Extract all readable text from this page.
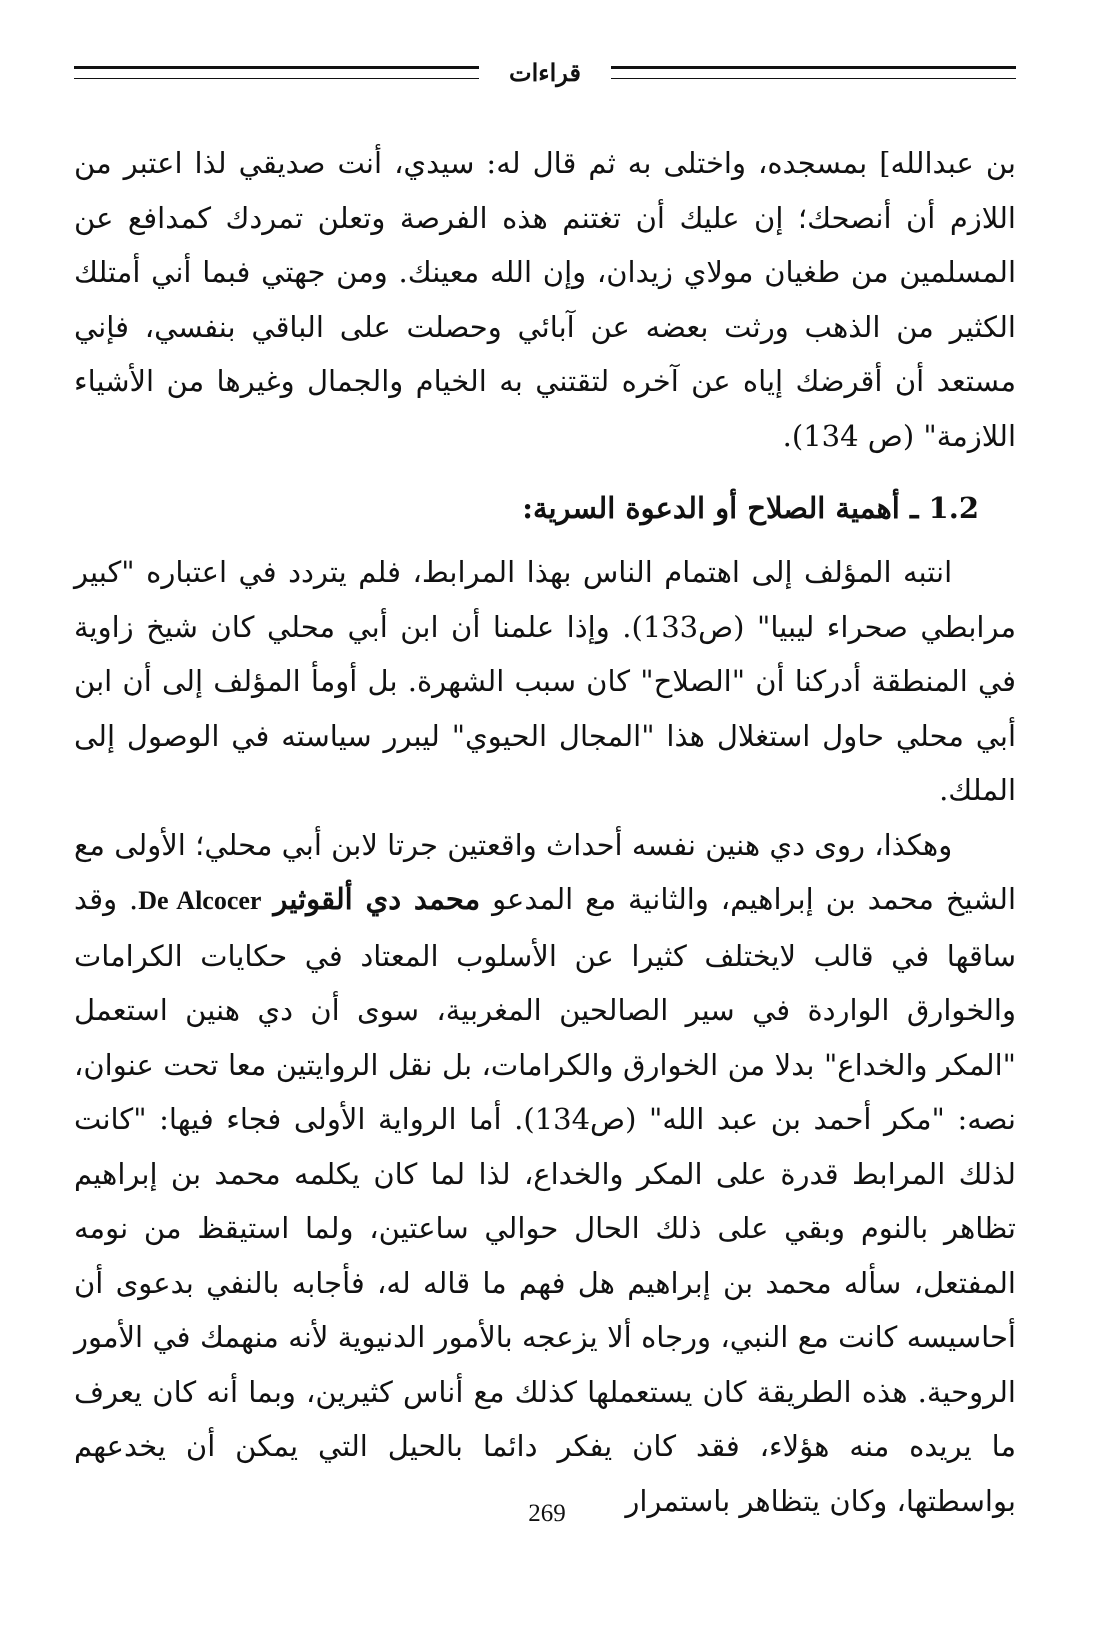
قراءات
بن عبدالله] بمسجده، واختلى به ثم قال له: سيدي، أنت صديقي لذا اعتبر من اللازم أن أنصحك؛ إن عليك أن تغتنم هذه الفرصة وتعلن تمردك كمدافع عن المسلمين من طغيان مولاي زيدان، وإن الله معينك. ومن جهتي فبما أني أمتلك الكثير من الذهب ورثت بعضه عن آبائي وحصلت على الباقي بنفسي، فإني مستعد أن أقرضك إياه عن آخره لتقتني به الخيام والجمال وغيرها من الأشياء اللازمة" (ص 134).
1.2 ـ أهمية الصلاح أو الدعوة السرية:

انتبه المؤلف إلى اهتمام الناس بهذا المرابط، فلم يتردد في اعتباره "كبير مرابطي صحراء ليبيا" (ص133). وإذا علمنا أن ابن أبي محلي كان شيخ زاوية في المنطقة أدركنا أن "الصلاح" كان سبب الشهرة. بل أومأ المؤلف إلى أن ابن أبي محلي حاول استغلال هذا "المجال الحيوي" ليبرر سياسته في الوصول إلى الملك.

وهكذا، روى دي هنين نفسه أحداث واقعتين جرتا لابن أبي محلي؛ الأولى مع الشيخ محمد بن إبراهيم، والثانية مع المدعو محمد دي ألقوثير De Alcocer. وقد ساقها في قالب لايختلف كثيرا عن الأسلوب المعتاد في حكايات الكرامات والخوارق الواردة في سير الصالحين المغربية، سوى أن دي هنين استعمل "المكر والخداع" بدلا من الخوارق والكرامات، بل نقل الروايتين معا تحت عنوان، نصه: "مكر أحمد بن عبد الله" (ص134). أما الرواية الأولى فجاء فيها: "كانت لذلك المرابط قدرة على المكر والخداع، لذا لما كان يكلمه محمد بن إبراهيم تظاهر بالنوم وبقي على ذلك الحال حوالي ساعتين، ولما استيقظ من نومه المفتعل، سأله محمد بن إبراهيم هل فهم ما قاله له، فأجابه بالنفي بدعوى أن أحاسيسه كانت مع النبي، ورجاه ألا يزعجه بالأمور الدنيوية لأنه منهمك في الأمور الروحية. هذه الطريقة كان يستعملها كذلك مع أناس كثيرين، وبما أنه كان يعرف ما يريده منه هؤلاء، فقد كان يفكر دائما بالحيل التي يمكن أن يخدعهم بواسطتها، وكان يتظاهر باستمرار

269
